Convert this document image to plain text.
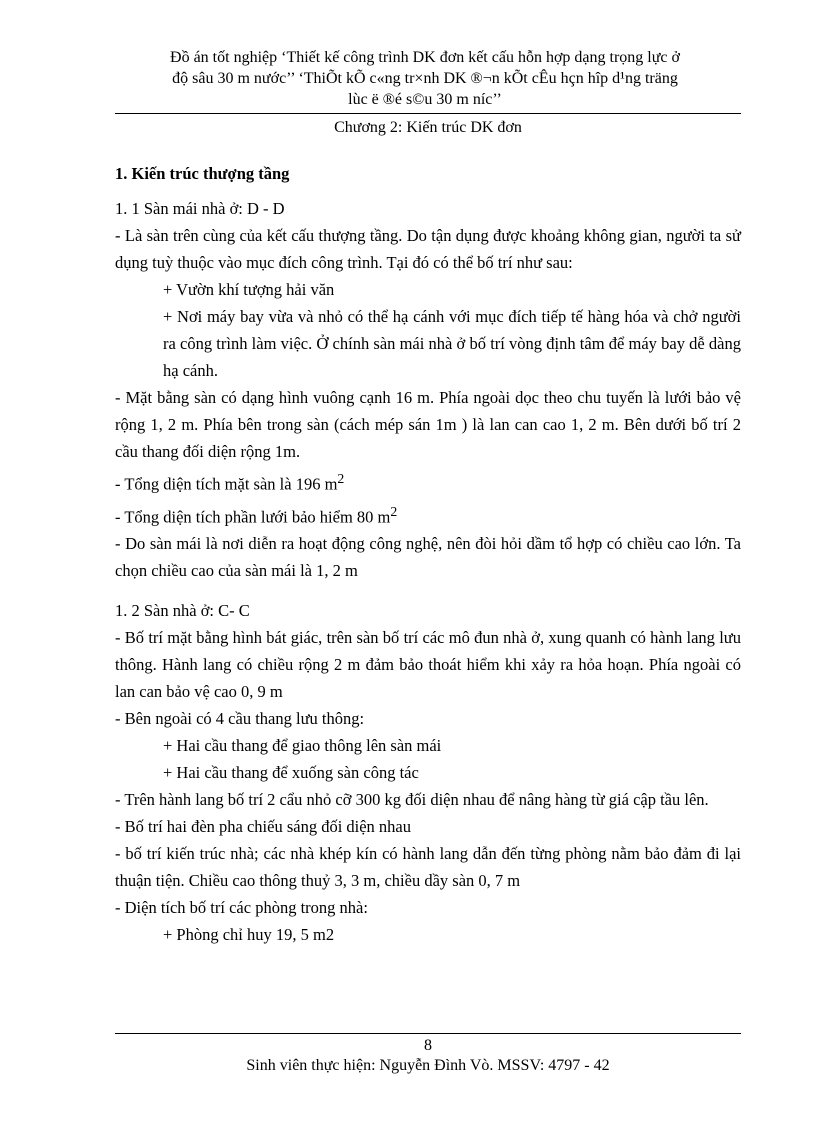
Đồ án tốt nghiệp ‘Thiết kế công trình DK đơn kết cấu hỗn hợp dạng trọng lực ở
độ sâu 30 m nước’’ ‘ThiÕt kÕ c«ng tr×nh DK ®¬n kÕt cÊu hçn hîp d¹ng träng
lùc ë ®é s©u 30 m níc’’
Chương 2: Kiến trúc DK đơn

1. Kiến trúc thượng tầng

1. 1 Sàn mái nhà ở: D - D

- Là sàn trên cùng của kết cấu thượng tầng. Do tận dụng được khoảng không gian, người ta sử dụng tuỳ thuộc vào mục đích công trình. Tại đó có thể bố trí như sau:

+ Vườn khí tượng hải văn

+ Nơi máy bay vừa và nhỏ có thể hạ cánh với mục đích tiếp tế hàng hóa và chở người ra công trình làm việc. Ở chính sàn mái nhà ở bố trí vòng định tâm để máy bay dễ dàng hạ cánh.

- Mặt bằng sàn có dạng hình vuông cạnh 16 m. Phía ngoài dọc theo chu tuyến là lưới bảo vệ rộng 1, 2 m. Phía bên trong sàn (cách mép sán 1m ) là lan can cao 1, 2 m. Bên dưới bố trí 2 cầu thang đối diện rộng 1m.

- Tổng diện tích mặt sàn là 196 $m^2$

- Tổng diện tích phần lưới bảo hiểm 80 $m^2$

- Do sàn mái là nơi diễn ra hoạt động công nghệ, nên đòi hỏi dầm tổ hợp có chiều cao lớn. Ta chọn chiều cao của sàn mái là 1, 2 m

1. 2 Sàn nhà ở: C- C

- Bố trí mặt bằng hình bát giác, trên sàn bố trí các mô đun nhà ở, xung quanh có hành lang lưu thông. Hành lang có chiều rộng 2 m đảm bảo thoát hiểm khi xảy ra hỏa hoạn. Phía ngoài có lan can bảo vệ cao 0, 9 m

- Bên ngoài có 4 cầu thang lưu thông:

+ Hai cầu thang để giao thông lên sàn mái

+ Hai cầu thang để xuống sàn công tác

- Trên hành lang bố trí 2 cẩu nhỏ cỡ 300 kg đối diện nhau để nâng hàng từ giá cập tầu lên.

- Bố trí hai đèn pha chiếu sáng đối diện nhau

- bố trí kiến trúc nhà; các nhà khép kín có hành lang dẫn đến từng phòng nằm bảo đảm đi lại thuận tiện. Chiều cao thông thuỷ 3, 3 m, chiều dầy sàn 0, 7 m

- Diện tích bố trí các phòng trong nhà:

+ Phòng chỉ huy 19, 5 m2

8
Sinh viên thực hiện: Nguyễn Đình Vò. MSSV: 4797 - 42
